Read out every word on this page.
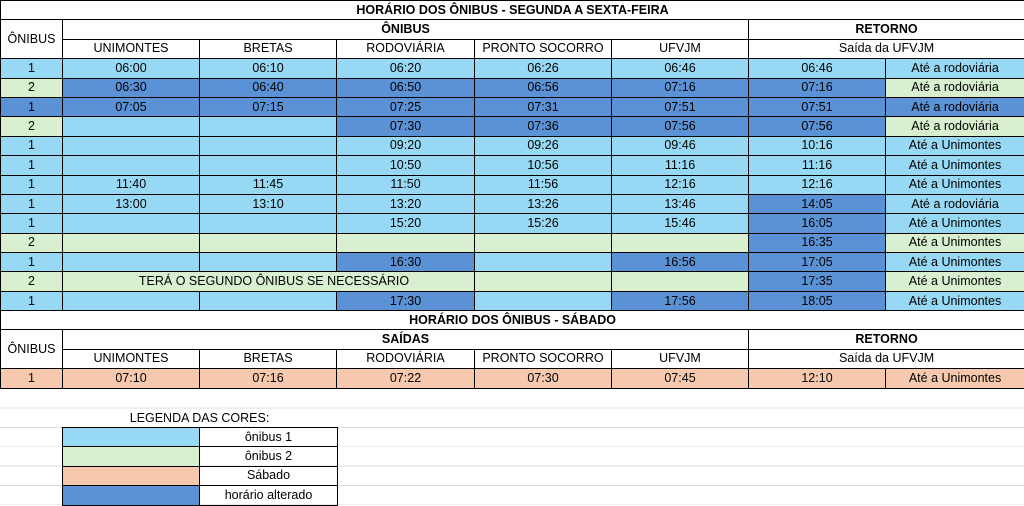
HORÁRIO DOS ÔNIBUS - SEGUNDA A SEXTA-FEIRA							
ÔNIBUS	ÔNIBUS					RETORNO	
	UNIMONTES	BRETAS	RODOVIÁRIA	PRONTO SOCORRO	UFVJM	Saída da UFVJM	
1	06:00	06:10	06:20	06:26	06:46	06:46	Até a rodoviária
2	06:30	06:40	06:50	06:56	07:16	07:16	Até a rodoviária
1	07:05	07:15	07:25	07:31	07:51	07:51	Até a rodoviária
2			07:30	07:36	07:56	07:56	Até a rodoviária
1			09:20	09:26	09:46	10:16	Até a Unimontes
1			10:50	10:56	11:16	11:16	Até a Unimontes
1	11:40	11:45	11:50	11:56	12:16	12:16	Até a Unimontes
1	13:00	13:10	13:20	13:26	13:46	14:05	Até a rodoviária
1			15:20	15:26	15:46	16:05	Até a Unimontes
2						16:35	Até a Unimontes
1			16:30		16:56	17:05	Até a Unimontes
2	TERÁ O SEGUNDO ÔNIBUS SE NECESSÁRIO					17:35	Até a Unimontes
1			17:30		17:56	18:05	Até a Unimontes
HORÁRIO DOS ÔNIBUS - SÁBADO							
ÔNIBUS	SAÍDAS					RETORNO	
	UNIMONTES	BRETAS	RODOVIÁRIA	PRONTO SOCORRO	UFVJM	Saída da UFVJM	
1	07:10	07:16	07:22	07:30	07:45	12:10	Até a Unimontes
LEGENDA DAS CORES:
	ônibus 1
	ônibus 2
	Sábado
	horário alterado
